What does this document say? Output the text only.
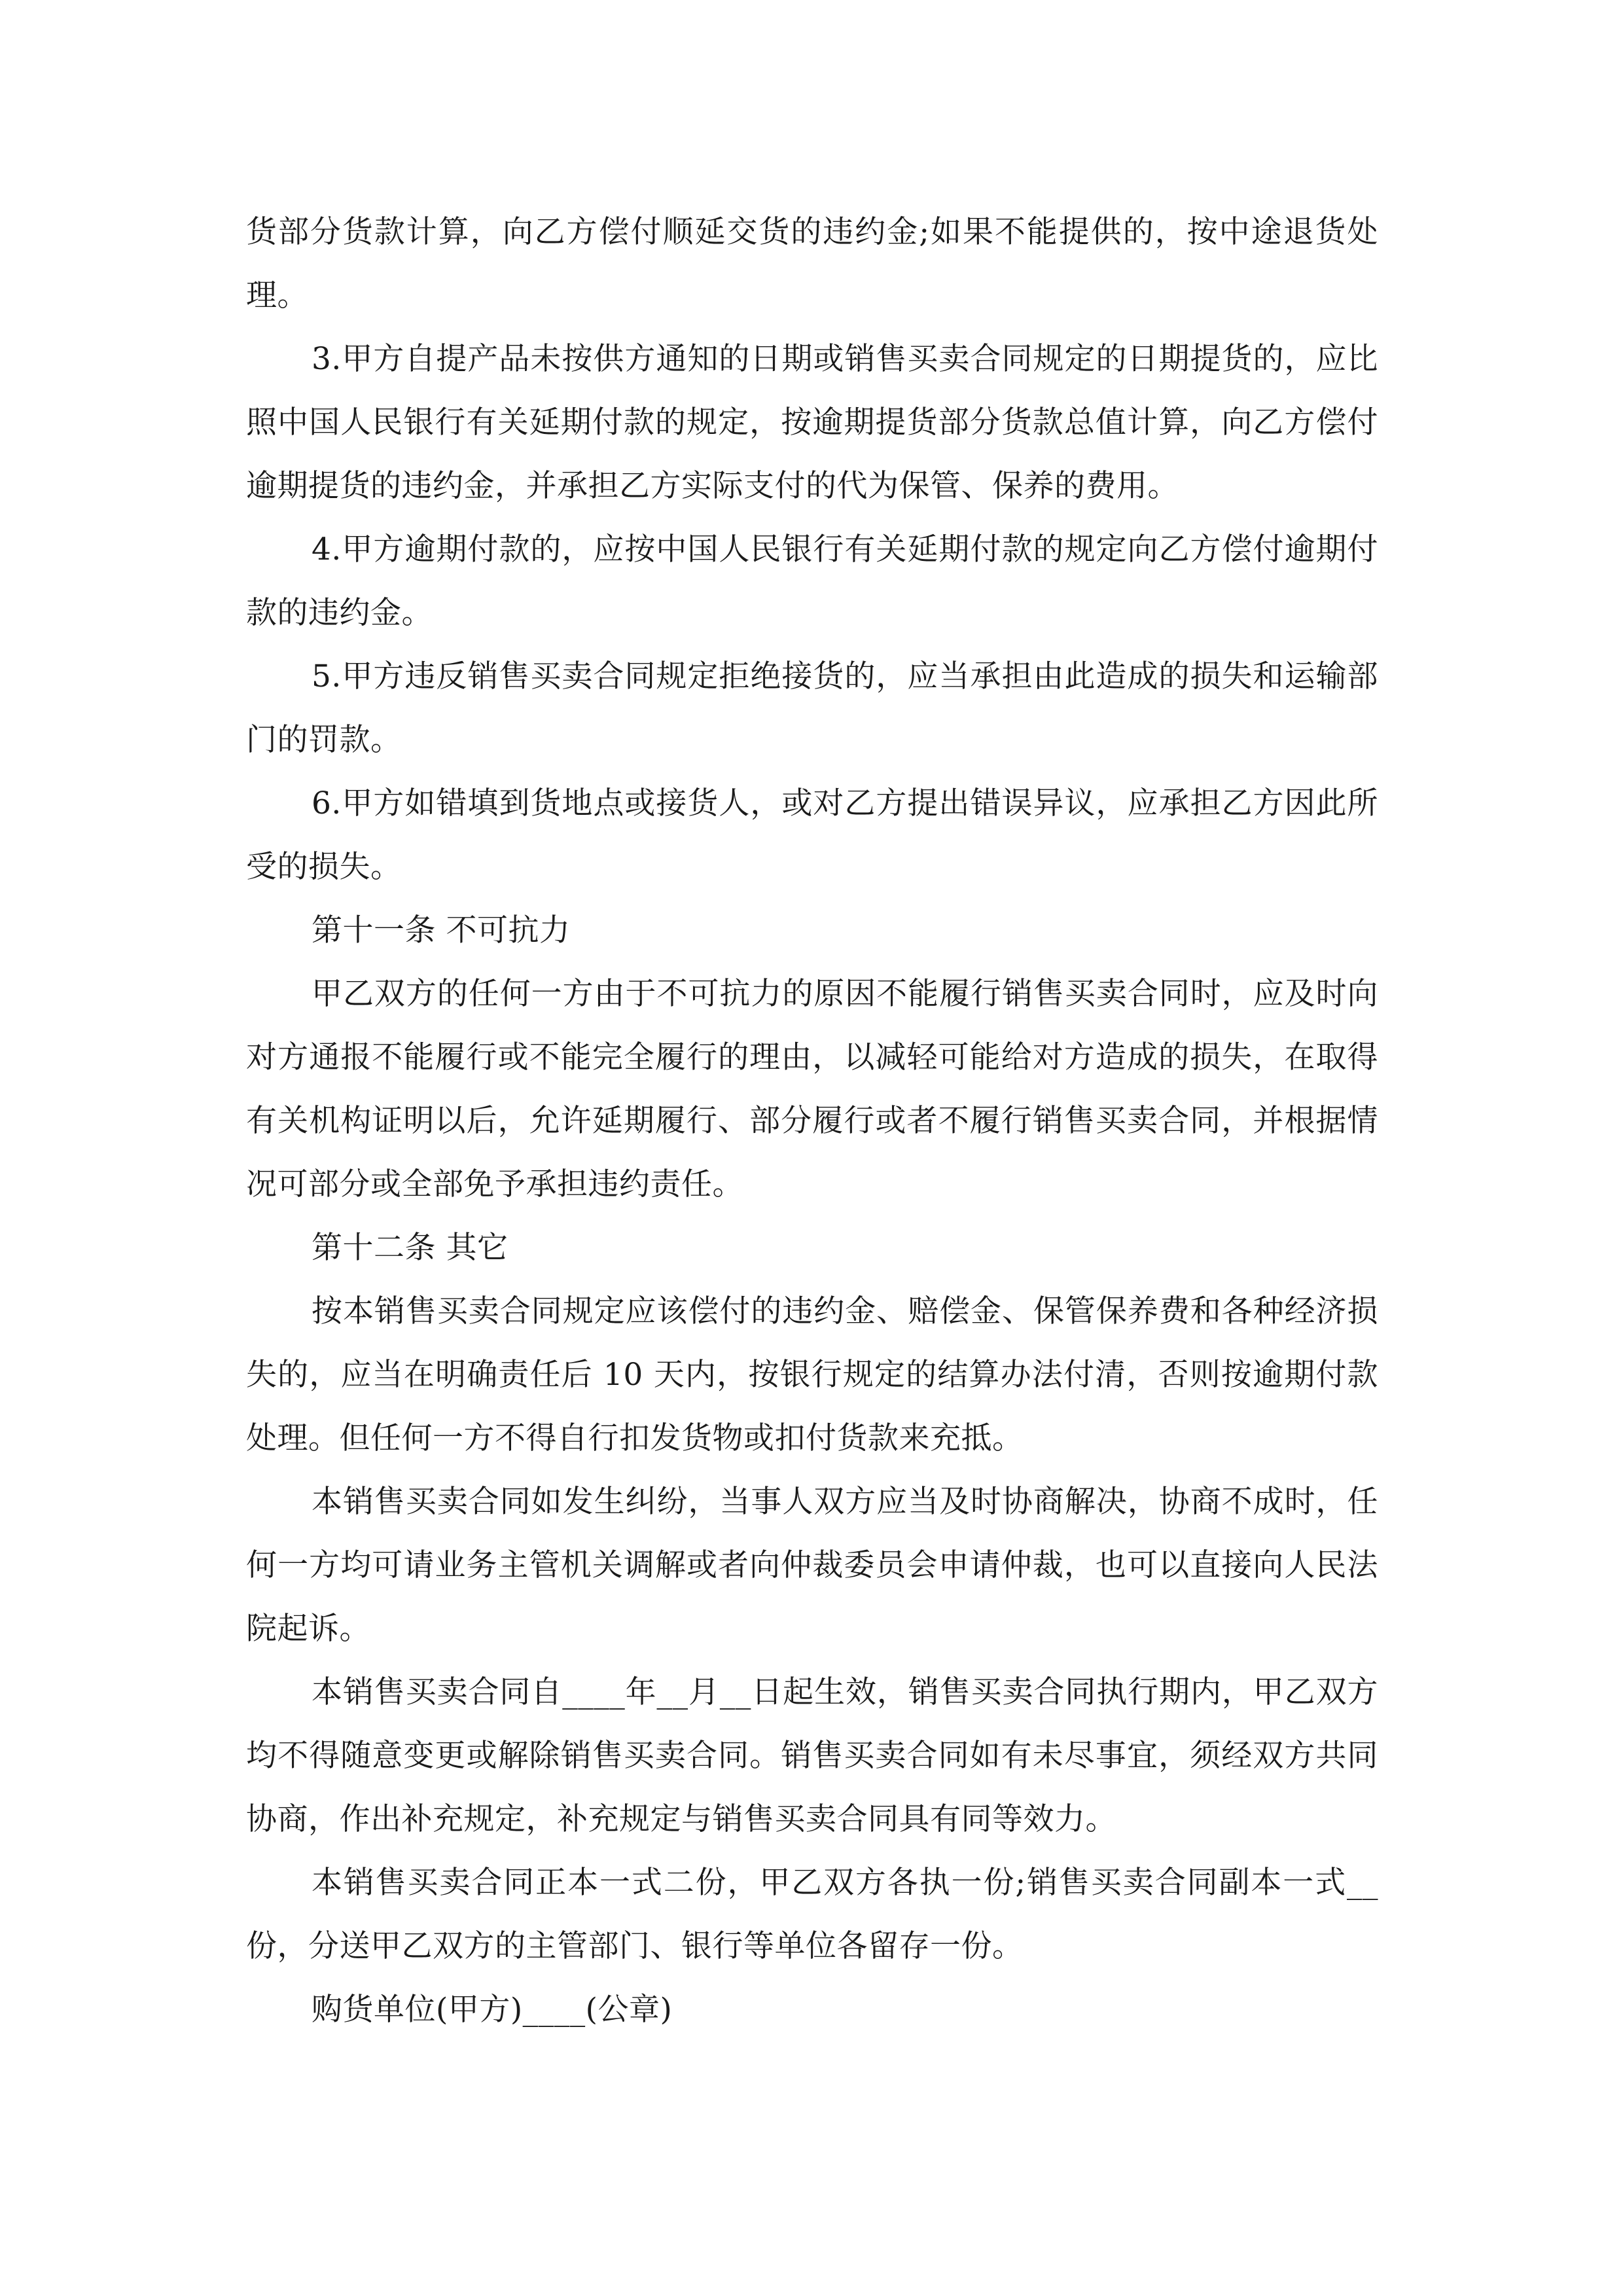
货部分货款计算，向乙方偿付顺延交货的违约金;如果不能提供的，按中途退货处理。

3.甲方自提产品未按供方通知的日期或销售买卖合同规定的日期提货的，应比照中国人民银行有关延期付款的规定，按逾期提货部分货款总值计算，向乙方偿付逾期提货的违约金，并承担乙方实际支付的代为保管、保养的费用。

4.甲方逾期付款的，应按中国人民银行有关延期付款的规定向乙方偿付逾期付款的违约金。

5.甲方违反销售买卖合同规定拒绝接货的，应当承担由此造成的损失和运输部门的罚款。

6.甲方如错填到货地点或接货人，或对乙方提出错误异议，应承担乙方因此所受的损失。

第十一条 不可抗力

甲乙双方的任何一方由于不可抗力的原因不能履行销售买卖合同时，应及时向对方通报不能履行或不能完全履行的理由，以减轻可能给对方造成的损失，在取得有关机构证明以后，允许延期履行、部分履行或者不履行销售买卖合同，并根据情况可部分或全部免予承担违约责任。

第十二条 其它

按本销售买卖合同规定应该偿付的违约金、赔偿金、保管保养费和各种经济损失的，应当在明确责任后 10 天内，按银行规定的结算办法付清，否则按逾期付款处理。但任何一方不得自行扣发货物或扣付货款来充抵。

本销售买卖合同如发生纠纷，当事人双方应当及时协商解决，协商不成时，任何一方均可请业务主管机关调解或者向仲裁委员会申请仲裁，也可以直接向人民法院起诉。

本销售买卖合同自____年__月__日起生效，销售买卖合同执行期内，甲乙双方均不得随意变更或解除销售买卖合同。销售买卖合同如有未尽事宜，须经双方共同协商，作出补充规定，补充规定与销售买卖合同具有同等效力。

本销售买卖合同正本一式二份，甲乙双方各执一份;销售买卖合同副本一式__份，分送甲乙双方的主管部门、银行等单位各留存一份。

购货单位(甲方)____(公章)
